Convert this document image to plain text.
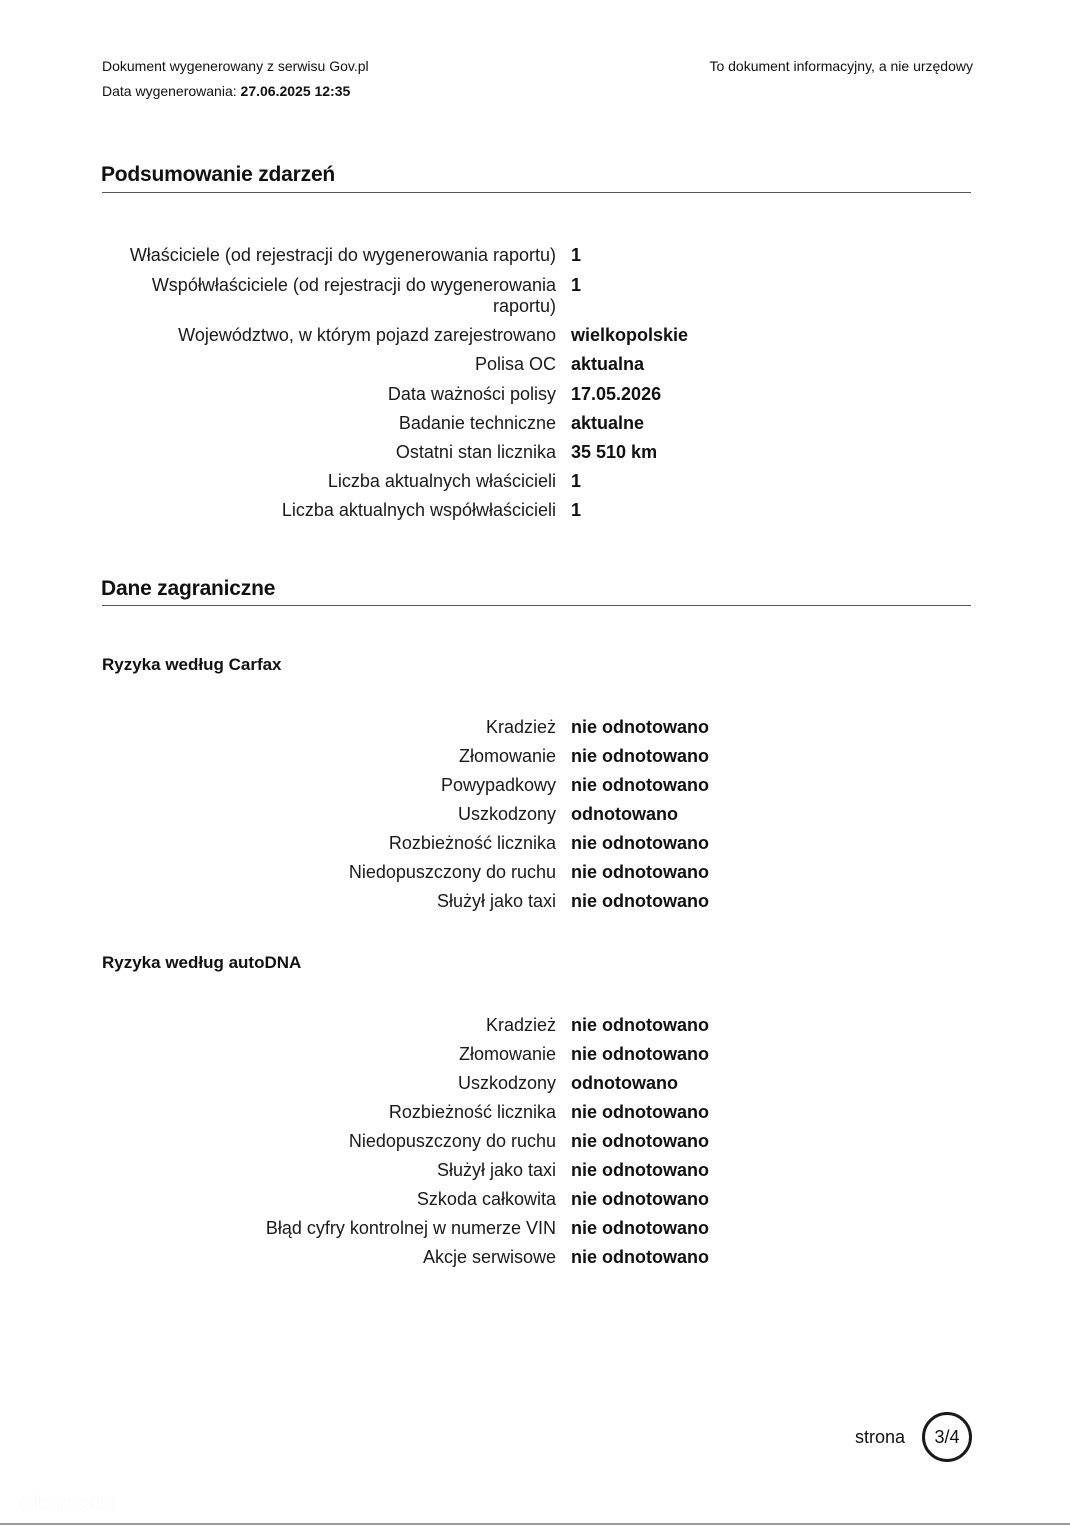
Dokument wygenerowany z serwisu Gov.pl	To dokument informacyjny, a nie urzędowy
Data wygenerowania: 27.06.2025 12:35
Podsumowanie zdarzeń
Właściciele (od rejestracji do wygenerowania raportu) 1
Współwłaściciele (od rejestracji do wygenerowania raportu)
1
Województwo, w którym pojazd zarejestrowano wielkopolskie
Polisa OC aktualna
Data ważności polisy 17.05.2026
Badanie techniczne aktualne
Ostatni stan licznika 35 510 km
Liczba aktualnych właścicieli 1
Liczba aktualnych współwłaścicieli 1
Dane zagraniczne
Ryzyka według Carfax
Kradzież nie odnotowano
Złomowanie nie odnotowano
Powypadkowy nie odnotowano
Uszkodzony odnotowano
Rozbieżność licznika nie odnotowano
Niedopuszczony do ruchu nie odnotowano
Służył jako taxi nie odnotowano
Ryzyka według autoDNA
Kradzież nie odnotowano
Złomowanie nie odnotowano
Uszkodzony odnotowano
Rozbieżność licznika nie odnotowano
Niedopuszczony do ruchu nie odnotowano
Służył jako taxi nie odnotowano
Szkoda całkowita nie odnotowano
Błąd cyfry kontrolnej w numerze VIN nie odnotowano
Akcje serwisowe nie odnotowano
strona	3/4
otomoto
